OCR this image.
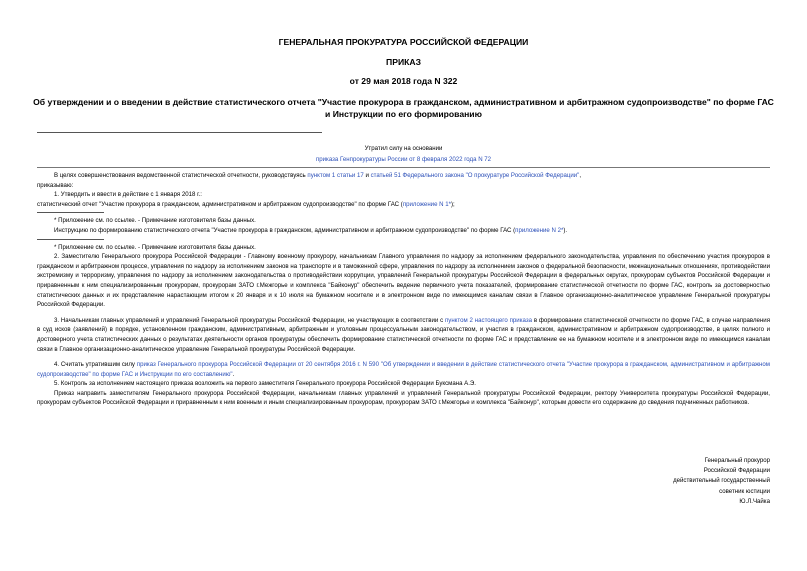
ГЕНЕРАЛЬНАЯ ПРОКУРАТУРА РОССИЙСКОЙ ФЕДЕРАЦИИ
ПРИКАЗ
от 29 мая 2018 года N 322
Об утверждении и о введении в действие статистического отчета "Участие прокурора в гражданском, административном и арбитражном судопроизводстве" по форме ГАС и Инструкции по его формированию
Утратил силу на основании
приказа Генпрокуратуры России от 8 февраля 2022 года N 72

В целях совершенствования ведомственной статистической отчетности, руководствуясь пунктом 1 статьи 17 и статьей 51 Федерального закона "О прокуратуре Российской Федерации",

приказываю:

1. Утвердить и ввести в действие с 1 января 2018 г.:

статистический отчет "Участие прокурора в гражданском, административном и арбитражном судопроизводстве" по форме ГАС (приложение N 1*);

* Приложение см. по ссылке. - Примечание изготовителя базы данных.

Инструкцию по формированию статистического отчета "Участие прокурора в гражданском, административном и арбитражном судопроизводстве" по форме ГАС (приложение N 2*).

* Приложение см. по ссылке. - Примечание изготовителя базы данных.

2. Заместителю Генерального прокурора Российской Федерации - Главному военному прокурору, начальникам Главного управления по надзору за исполнением федерального законодательства, управления по обеспечению участия прокуроров в гражданском и арбитражном процессе, управления по надзору за исполнением законов на транспорте и в таможенной сфере, управления по надзору за исполнением законов о федеральной безопасности, межнациональных отношениях, противодействии экстремизму и терроризму, управления по надзору за исполнением законодательства о противодействии коррупции, управлений Генеральной прокуратуры Российской Федерации в федеральных округах, прокурорам субъектов Российской Федерации и приравненным к ним специализированным прокурорам, прокурорам ЗАТО г.Межгорье и комплекса "Байконур" обеспечить ведение первичного учета показателей, формирование статистической отчетности по форме ГАС, контроль за достоверностью статистических данных и их представление нарастающим итогом к 20 января и к 10 июля на бумажном носителе и в электронном виде по имеющимся каналам связи в Главное организационно-аналитическое управление Генеральной прокуратуры Российской Федерации.

3. Начальникам главных управлений и управлений Генеральной прокуратуры Российской Федерации, не участвующих в соответствии с пунктом 2 настоящего приказа в формировании статистической отчетности по форме ГАС, в случае направления в суд исков (заявлений) в порядке, установленном гражданским, административным, арбитражным и уголовным процессуальным законодательством, и участия в гражданском, административном и арбитражном судопроизводстве, в целях полного и достоверного учета статистических данных о результатах деятельности органов прокуратуры обеспечить формирование статистической отчетности по форме ГАС и представление ее на бумажном носителе и в электронном виде по имеющимся каналам связи в Главное организационно-аналитическое управление Генеральной прокуратуры Российской Федерации.

4. Считать утратившим силу приказ Генерального прокурора Российской Федерации от 20 сентября 2016 г. N 590 "Об утверждении и введении в действие статистического отчета "Участие прокурора в гражданском, административном и арбитражном судопроизводстве" по форме ГАС и Инструкции по его составлению".

5. Контроль за исполнением настоящего приказа возложить на первого заместителя Генерального прокурора Российской Федерации Буксмана А.Э.

Приказ направить заместителям Генерального прокурора Российской Федерации, начальникам главных управлений и управлений Генеральной прокуратуры Российской Федерации, ректору Университета прокуратуры Российской Федерации, прокурорам субъектов Российской Федерации и приравненным к ним военным и иным специализированным прокурорам, прокурорам ЗАТО г.Межгорье и комплекса "Байконур", которым довести его содержание до сведения подчиненных работников.

Генеральный прокурор
Российской Федерации
действительный государственный
советник юстиции
Ю.Л.Чайка
